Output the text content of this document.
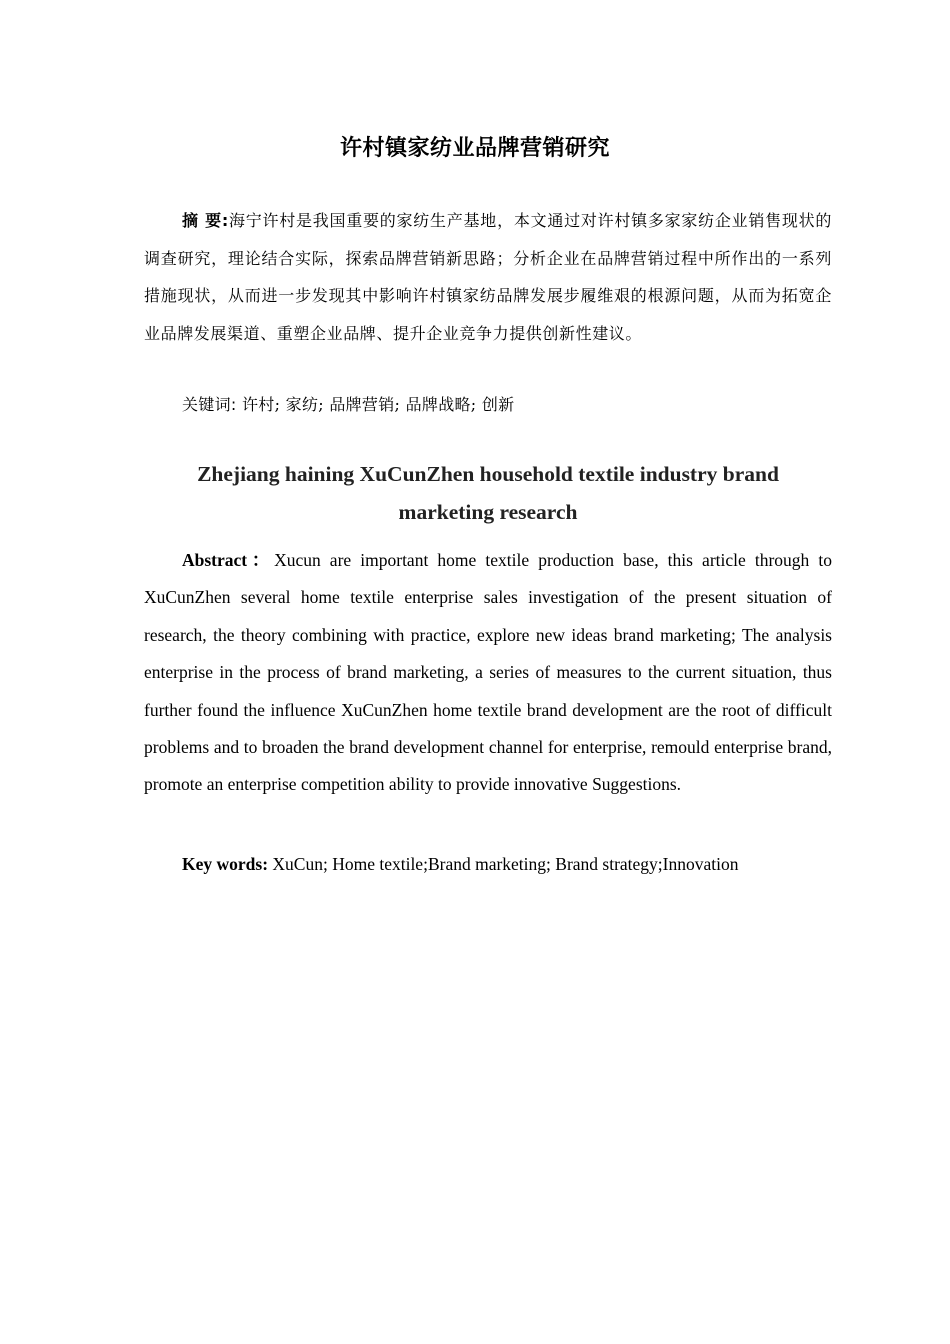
许村镇家纺业品牌营销研究
摘 要:海宁许村是我国重要的家纺生产基地，本文通过对许村镇多家家纺企业销售现状的调查研究，理论结合实际，探索品牌营销新思路；分析企业在品牌营销过程中所作出的一系列措施现状，从而进一步发现其中影响许村镇家纺品牌发展步履维艰的根源问题，从而为拓宽企业品牌发展渠道、重塑企业品牌、提升企业竞争力提供创新性建议。
关键词: 许村; 家纺; 品牌营销; 品牌战略; 创新
Zhejiang haining XuCunZhen household textile industry brand marketing research
Abstract：Xucun are important home textile production base, this article through to XuCunZhen several home textile enterprise sales investigation of the present situation of research, the theory combining with practice, explore new ideas brand marketing; The analysis enterprise in the process of brand marketing, a series of measures to the current situation, thus further found the influence XuCunZhen home textile brand development are the root of difficult problems and to broaden the brand development channel for enterprise, remould enterprise brand, promote an enterprise competition ability to provide innovative Suggestions.
Key words: XuCun; Home textile;Brand marketing; Brand strategy;Innovation
